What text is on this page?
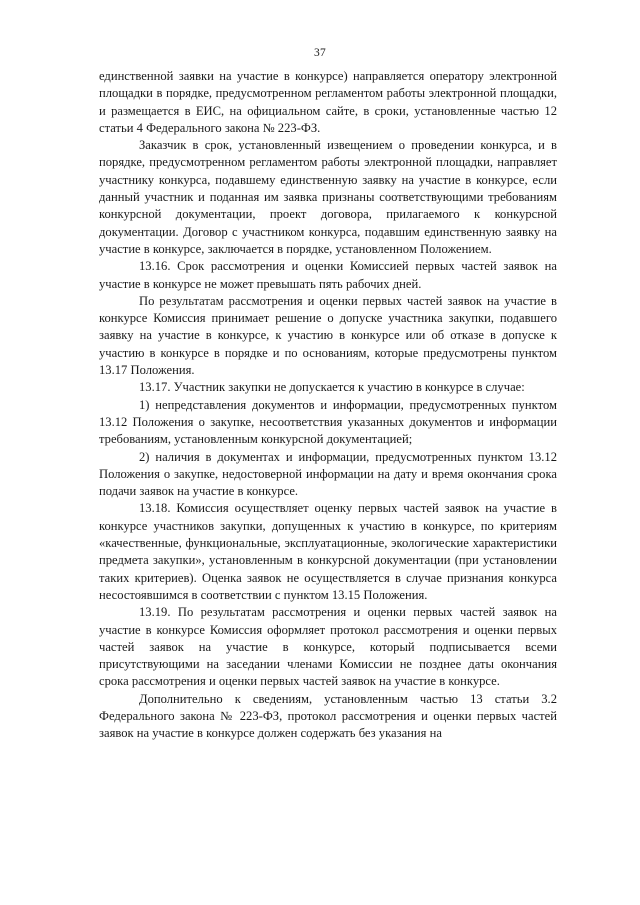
37

единственной заявки на участие в конкурсе) направляется оператору электронной площадки в порядке, предусмотренном регламентом работы электронной площадки, и размещается в ЕИС, на официальном сайте, в сроки, установленные частью 12 статьи 4 Федерального закона № 223-ФЗ.

Заказчик в срок, установленный извещением о проведении конкурса, и в порядке, предусмотренном регламентом работы электронной площадки, направляет участнику конкурса, подавшему единственную заявку на участие в конкурсе, если данный участник и поданная им заявка признаны соответствующими требованиям конкурсной документации, проект договора, прилагаемого к конкурсной документации. Договор с участником конкурса, подавшим единственную заявку на участие в конкурсе, заключается в порядке, установленном Положением.

13.16. Срок рассмотрения и оценки Комиссией первых частей заявок на участие в конкурсе не может превышать пять рабочих дней.

По результатам рассмотрения и оценки первых частей заявок на участие в конкурсе Комиссия принимает решение о допуске участника закупки, подавшего заявку на участие в конкурсе, к участию в конкурсе или об отказе в допуске к участию в конкурсе в порядке и по основаниям, которые предусмотрены пунктом 13.17 Положения.

13.17. Участник закупки не допускается к участию в конкурсе в случае:

1) непредставления документов и информации, предусмотренных пунктом 13.12 Положения о закупке, несоответствия указанных документов и информации требованиям, установленным конкурсной документацией;

2) наличия в документах и информации, предусмотренных пунктом 13.12 Положения о закупке, недостоверной информации на дату и время окончания срока подачи заявок на участие в конкурсе.

13.18. Комиссия осуществляет оценку первых частей заявок на участие в конкурсе участников закупки, допущенных к участию в конкурсе, по критериям «качественные, функциональные, эксплуатационные, экологические характеристики предмета закупки», установленным в конкурсной документации (при установлении таких критериев). Оценка заявок не осуществляется в случае признания конкурса несостоявшимся в соответствии с пунктом 13.15 Положения.

13.19. По результатам рассмотрения и оценки первых частей заявок на участие в конкурсе Комиссия оформляет протокол рассмотрения и оценки первых частей заявок на участие в конкурсе, который подписывается всеми присутствующими на заседании членами Комиссии не позднее даты окончания срока рассмотрения и оценки первых частей заявок на участие в конкурсе.

Дополнительно к сведениям, установленным частью 13 статьи 3.2 Федерального закона № 223-ФЗ, протокол рассмотрения и оценки первых частей заявок на участие в конкурсе должен содержать без указания на
